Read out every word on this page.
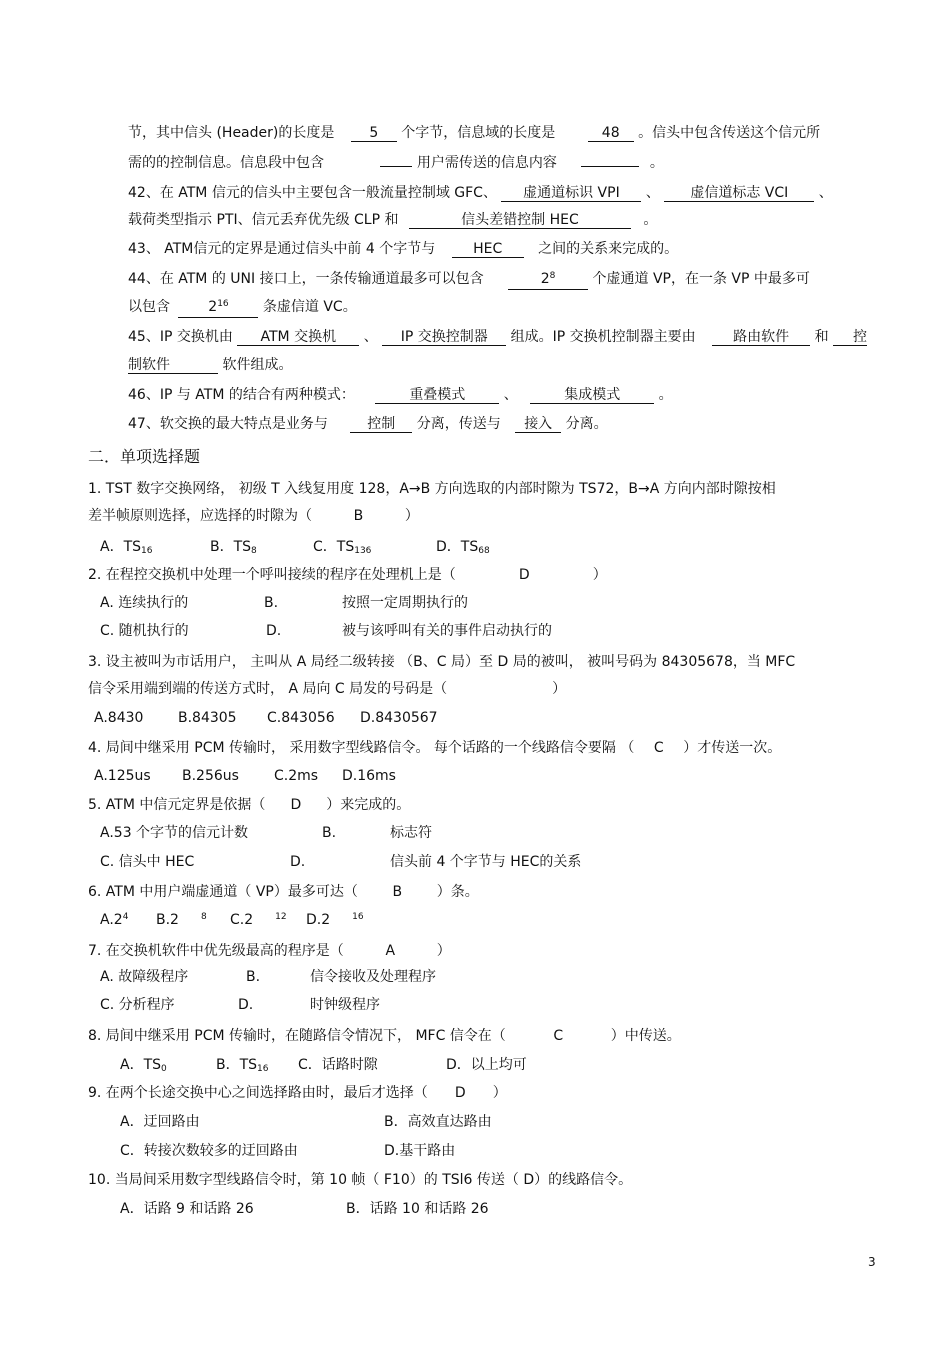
节，其中信头 (Header)的长度是 5 个字节，信息域的长度是	48 。信头中包含传送这个信元所
需的的控制信息。信息段中包含	用户需传送的信息内容	。
42、在 ATM 信元的信头中主要包含一般流量控制域 GFC、 虚通道标识 VPI 、 虚信道标志 VCI 、
载荷类型指示 PTI、信元丢弃优先级 CLP 和	信头差错控制 HEC	。
43、 ATM信元的定界是通过信头中前 4 个字节与	HEC	之间的关系来完成的。
44、在 ATM 的 UNI 接口上，一条传输通道最多可以包含	$2^8$	个虚通道 VP，在一条 VP 中最多可
以包含	$2^{16}$ 条虚信道 VC。
45、IP 交换机由 ATM 交换机 、 IP 交换控制器 组成。IP 交换机控制器主要由	路由软件 和 控
制软件	软件组成。
46、IP 与 ATM 的结合有两种模式：	重叠模式	、	集成模式	。
47、软交换的最大特点是业务与	控制 分离，传送与 接入 分离。
二．单项选择题
1. TST 数字交换网络， 初级 T 入线复用度 128，A→B 方向选取的内部时隙为 TS72，B→A 方向内部时隙按相
差半帧原则选择，应选择的时隙为（	B	）
A．$TS_{16}$	B．$TS_8$	C．$TS_{136}$	D．$TS_{68}$
2. 在程控交换机中处理一个呼叫接续的程序在处理机上是（	D	）
A. 连续执行的	B.	按照一定周期执行的
C. 随机执行的	D.	被与该呼叫有关的事件启动执行的
3. 设主被叫为市话用户， 主叫从 A 局经二级转接 （B、C 局）至 D 局的被叫， 被叫号码为 84305678，当 MFC
信令采用端到端的传送方式时， A 局向 C 局发的号码是（	）
A.8430 B.84305 C.843056 D.8430567
4. 局间中继采用 PCM 传输时， 采用数字型线路信令。 每个话路的一个线路信令要隔 （ C ）才传送一次。
A.125us B.256us	C.2ms D.16ms
5. ATM 中信元定界是依据（ D ）来完成的。
A.53 个字节的信元计数	B.	标志符
C. 信头中 HEC	D.	信头前 4 个字节与 HEC的关系
6. ATM 中用户端虚通道（ VP）最多可达（ B ）条。
$A.2^4$ B.2 $^8$ C.2 $^{12}$ D.2 $^{16}$
7. 在交换机软件中优先级最高的程序是（	A	）
A. 故障级程序	B.	信令接收及处理程序
C. 分析程序	D.	时钟级程序
8. 局间中继采用 PCM 传输时，在随路信令情况下， MFC 信令在（	C	）中传送。
A．$TS_0$	B．$TS_{16}$ C．话路时隙	D．以上均可
9. 在两个长途交换中心之间选择路由时，最后才选择（ D ）
A．迂回路由	B．高效直达路由
C．转接次数较多的迂回路由	D.基干路由
10. 当局间采用数字型线路信令时，第 10 帧（ F10）的 TSl6 传送（ D）的线路信令。
A．话路 9 和话路 26	B．话路 10 和话路 26
3
